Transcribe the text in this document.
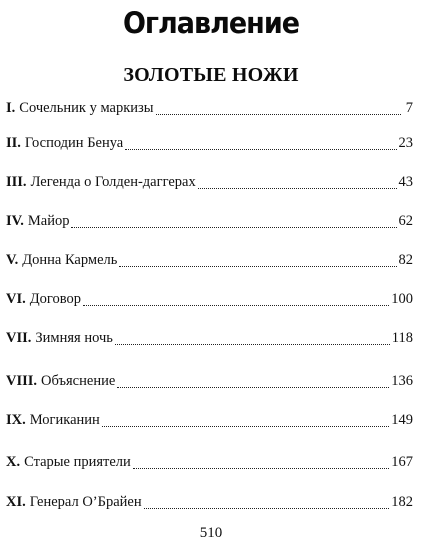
Оглавление
ЗОЛОТЫЕ НОЖИ
I. Сочельник у маркизы	7
II. Господин Бенуа	23
III. Легенда о Голден-даггерах	43
IV. Майор	62
V. Донна Кармель	82
VI. Договор	100
VII. Зимняя ночь	118
VIII. Объяснение	136
IX. Могиканин	149
X. Старые приятели	167
XI. Генерал О’Брайен	182
510
